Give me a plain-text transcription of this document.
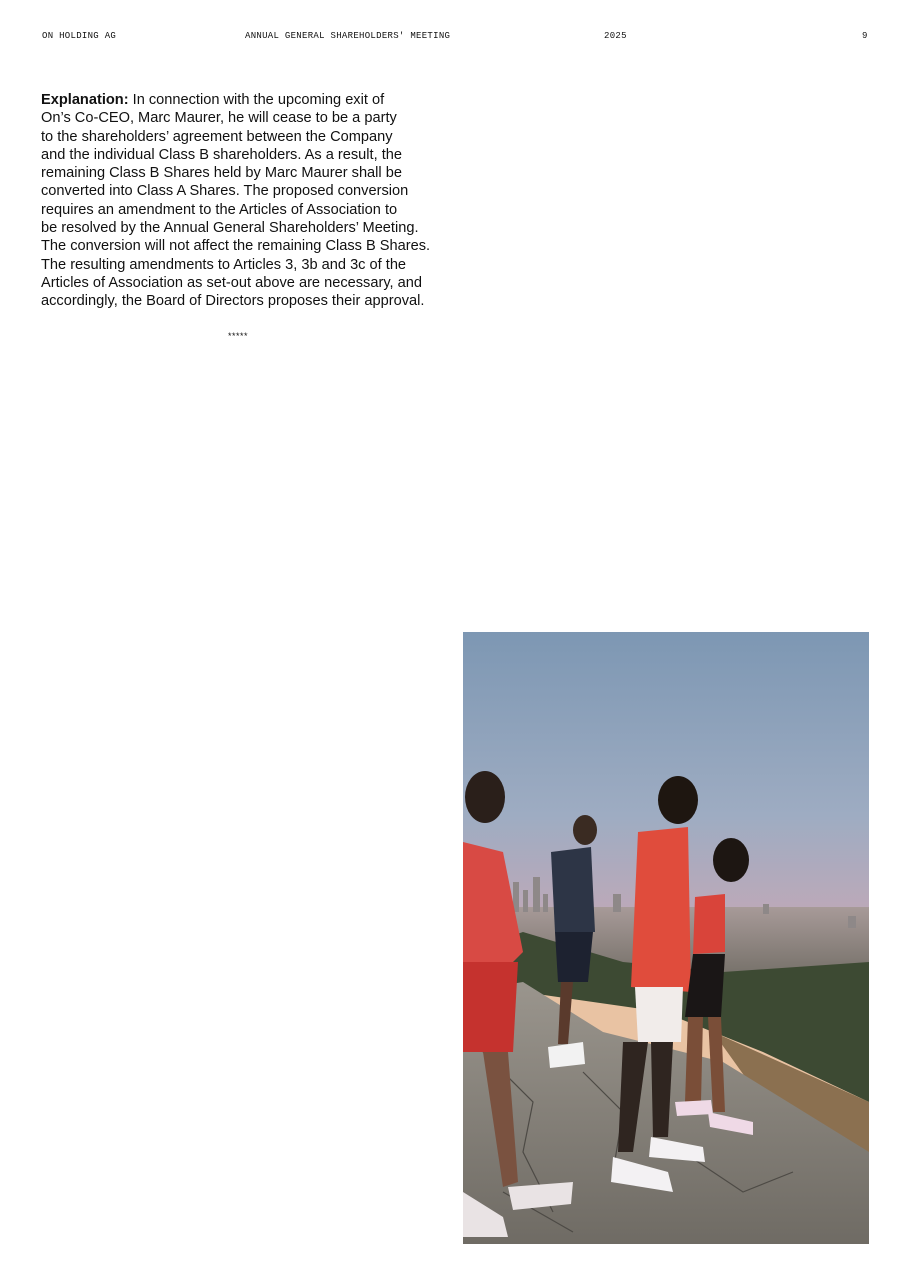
ON HOLDING AG	ANNUAL GENERAL SHAREHOLDERS' MEETING	2025	9
Explanation: In connection with the upcoming exit of
On’s Co-CEO, Marc Maurer, he will cease to be a party
to the shareholders’ agreement between the Company
and the individual Class B shareholders. As a result, the
remaining Class B Shares held by Marc Maurer shall be
converted into Class A Shares. The proposed conversion
requires an amendment to the Articles of Association to
be resolved by the Annual General Shareholders’ Meeting.
The conversion will not affect the remaining Class B Shares.
The resulting amendments to Articles 3, 3b and 3c of the
Articles of Association as set-out above are necessary, and
accordingly, the Board of Directors proposes their approval.
*****
